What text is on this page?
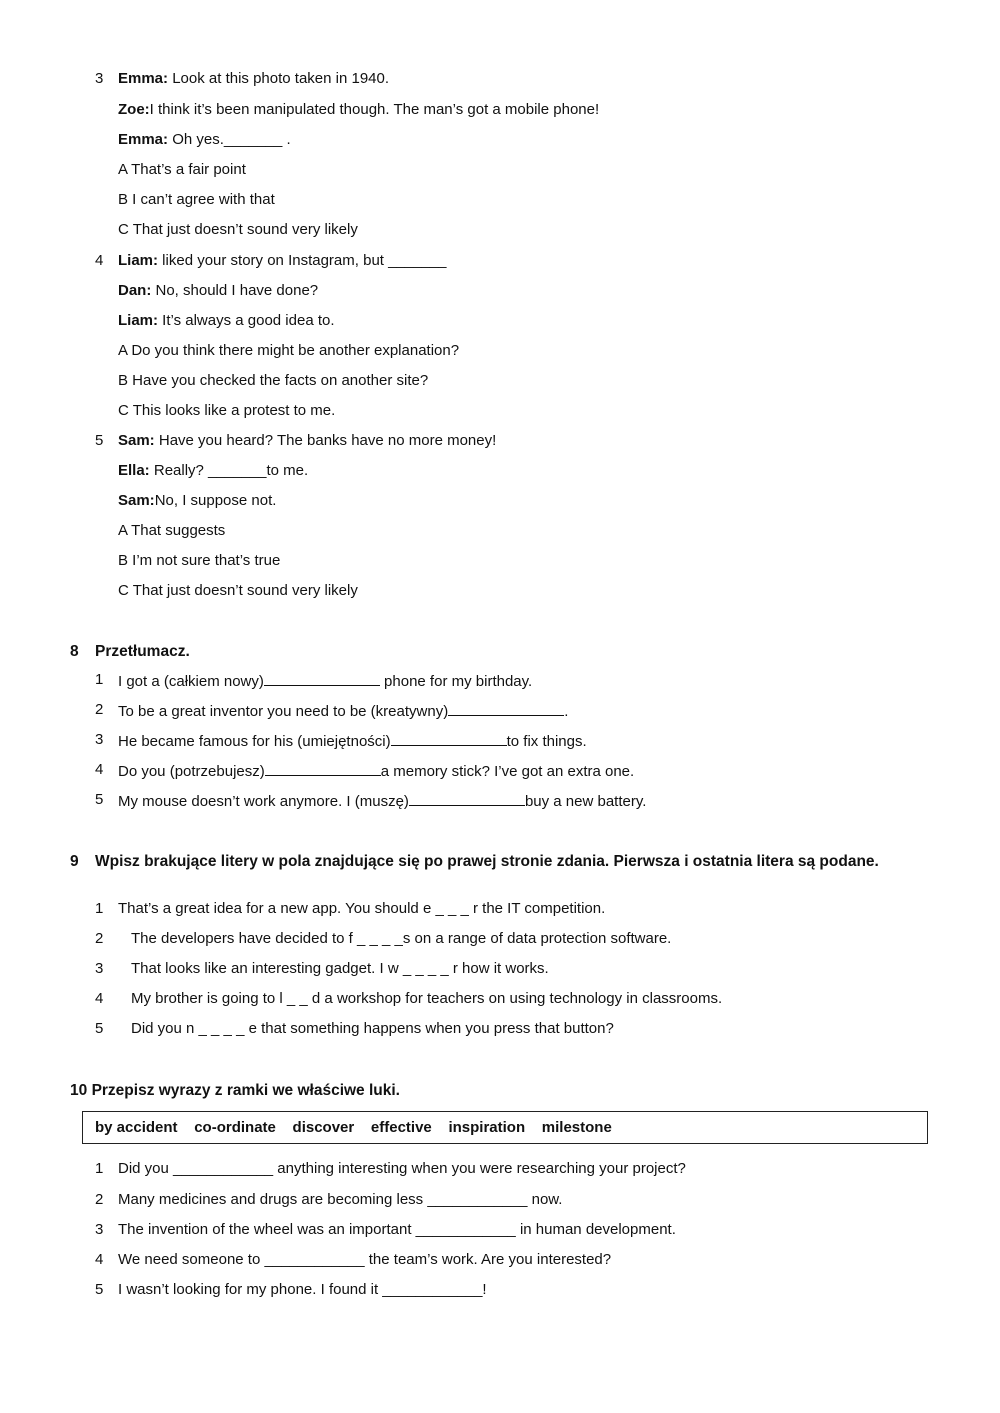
3 Emma: Look at this photo taken in 1940.
Zoe:I think it’s been manipulated though. The man’s got a mobile phone!
Emma: Oh yes._______ .
A That’s a fair point
B I can’t agree with that
C That just doesn’t sound very likely
4 Liam: liked your story on Instagram, but _______
Dan: No, should I have done?
Liam: It’s always a good idea to.
A Do you think there might be another explanation?
B Have you checked the facts on another site?
C This looks like a protest to me.
5 Sam: Have you heard? The banks have no more money!
Ella: Really? _______to me.
Sam:No, I suppose not.
A That suggests
B I’m not sure that’s true
C That just doesn’t sound very likely
8 Przetłumacz.
1 I got a (całkiem nowy)	phone for my birthday.
2 To be a great inventor you need to be (kreatywny)	.
3 He became famous for his (umiejętności)	to fix things.
4 Do you (potrzebujesz)	a memory stick? I’ve got an extra one.
5 My mouse doesn’t work anymore. I (muszę)	buy a new battery.
9 Wpisz brakujące litery w pola znajdujące się po prawej stronie zdania. Pierwsza i ostatnia litera są podane.
1 That’s a great idea for a new app. You should e _ _ _ r the IT competition.
2 The developers have decided to f _ _ _ _s on a range of data protection software.
3 That looks like an interesting gadget. I w _ _ _ _ r how it works.
4 My brother is going to l _ _ d a workshop for teachers on using technology in classrooms.
5 Did you n _ _ _ _ e that something happens when you press that button?
10 Przepisz wyrazy z ramki we właściwe luki.
by accident    co-ordinate    discover    effective    inspiration    milestone
1 Did you ____________ anything interesting when you were researching your project?
2 Many medicines and drugs are becoming less ____________ now.
3 The invention of the wheel was an important ____________ in human development.
4 We need someone to ____________ the team’s work. Are you interested?
5 I wasn’t looking for my phone. I found it ____________!
